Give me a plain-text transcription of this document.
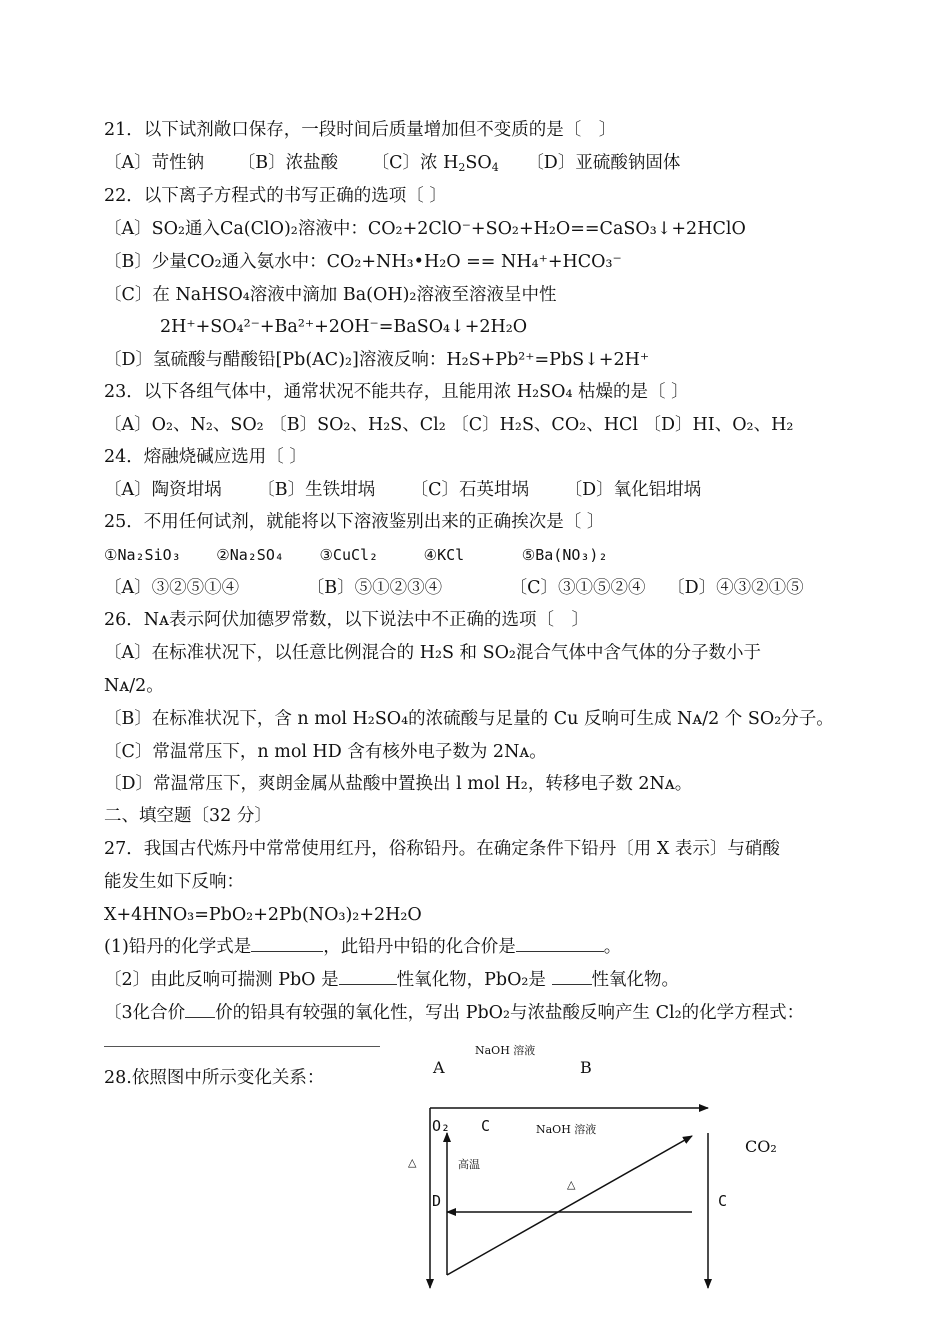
21．以下试剂敞口保存，一段时间后质量增加但不变质的是〔　〕
〔A〕苛性钠 〔B〕浓盐酸 〔C〕浓 $H_2SO_4$ 〔D〕亚硫酸钠固体
22．以下离子方程式的书写正确的选项〔 〕
〔A〕SO₂通入Ca(ClO)₂溶液中：CO₂+2ClO⁻+SO₂+H₂O==CaSO₃↓+2HClO
〔B〕少量CO₂通入氨水中：CO₂+NH₃•H₂O == NH₄⁺+HCO₃⁻
〔C〕在 NaHSO₄溶液中滴加 Ba(OH)₂溶液至溶液呈中性
2H⁺+SO₄²⁻+Ba²⁺+2OH⁻=BaSO₄↓+2H₂O
〔D〕氢硫酸与醋酸铅[Pb(AC)₂]溶液反响：H₂S+Pb²⁺=PbS↓+2H⁺
23．以下各组气体中，通常状况不能共存，且能用浓 H₂SO₄ 枯燥的是〔 〕
〔A〕O₂、N₂、SO₂ 〔B〕SO₂、H₂S、Cl₂ 〔C〕H₂S、CO₂、HCl 〔D〕HI、O₂、H₂
24．熔融烧碱应选用〔 〕
〔A〕陶资坩埚 〔B〕生铁坩埚 〔C〕石英坩埚 〔D〕氧化铝坩埚
25．不用任何试剂，就能将以下溶液鉴别出来的正确挨次是〔 〕
①Na₂SiO₃ ②Na₂SO₄ ③CuCl₂	④KCl	⑤Ba(NO₃)₂
〔A〕③②⑤①④	〔B〕⑤①②③④	〔C〕③①⑤②④ 〔D〕④③②①⑤
26．Nᴀ表示阿伏加德罗常数，以下说法中不正确的选项〔　〕
〔A〕在标准状况下，以任意比例混合的 H₂S 和 SO₂混合气体中含气体的分子数小于
Nᴀ/2。
〔B〕在标准状况下，含 n mol H₂SO₄的浓硫酸与足量的 Cu 反响可生成 Nᴀ/2 个 SO₂分子。
〔C〕常温常压下，n mol HD 含有核外电子数为 2Nᴀ。
〔D〕常温常压下，爽朗金属从盐酸中置换出 l mol H₂，转移电子数 2Nᴀ。
二、填空题〔32 分〕
27．我国古代炼丹中常常使用红丹，俗称铅丹。在确定条件下铅丹〔用 X 表示〕与硝酸
能发生如下反响：
X+4HNO₃=PbO₂+2Pb(NO₃)₂+2H₂O
(1)铅丹的化学式是	，此铅丹中铅的化合价是	。
〔2〕由此反响可揣测 PbO 是	性氧化物，PbO₂是 性氧化物。
〔3化合价 价的铅具有较强的氧化性，写出 PbO₂与浓盐酸反响产生 Cl₂的化学方程式：
28.依照图中所示变化关系：
NaOH 溶液
A	B
O₂ C	NaOH 溶液
CO₂
△	高温
△
D	C
